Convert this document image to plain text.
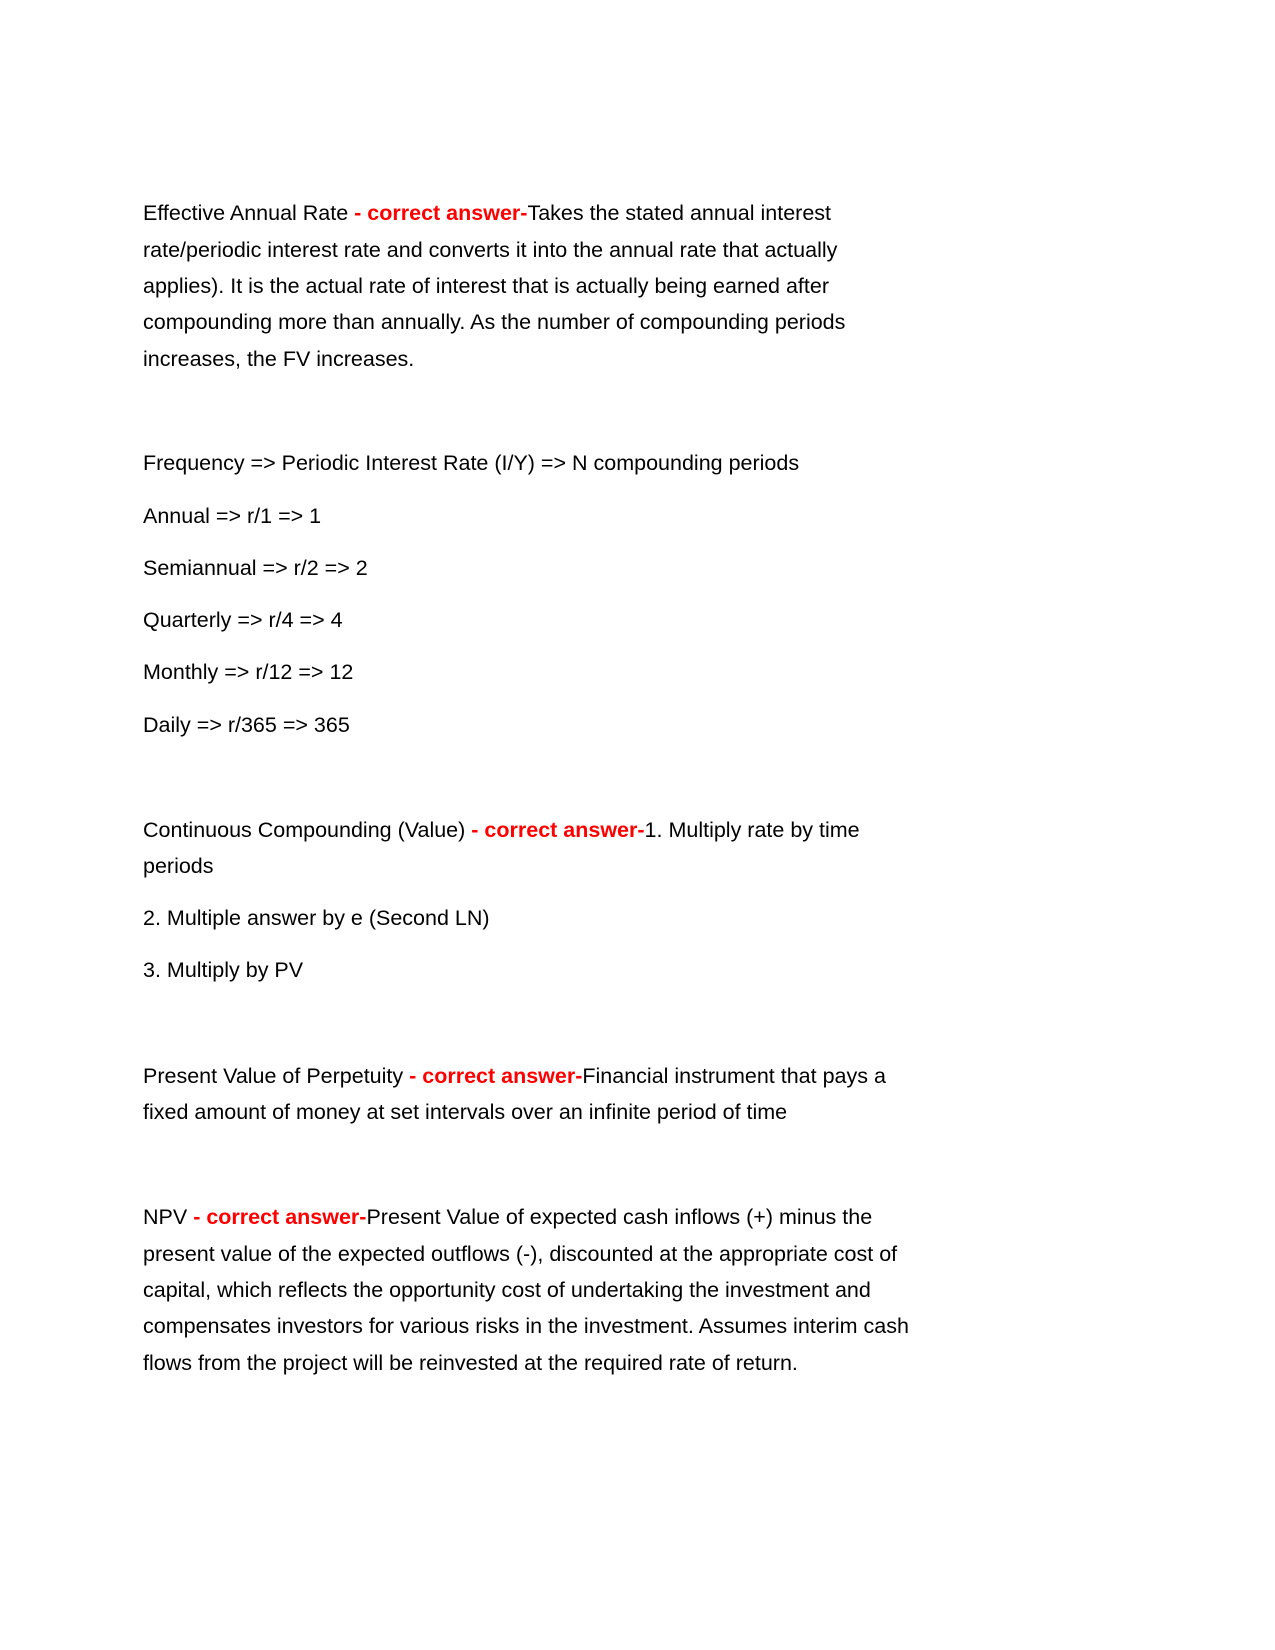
Effective Annual Rate - correct answer-Takes the stated annual interest
rate/periodic interest rate and converts it into the annual rate that actually
applies). It is the actual rate of interest that is actually being earned after
compounding more than annually. As the number of compounding periods
increases, the FV increases.
Frequency => Periodic Interest Rate (I/Y) => N compounding periods
Annual => r/1 => 1
Semiannual => r/2 => 2
Quarterly => r/4 => 4
Monthly => r/12 => 12
Daily => r/365 => 365
Continuous Compounding (Value) - correct answer-1. Multiply rate by time
periods
2. Multiple answer by e (Second LN)
3. Multiply by PV
Present Value of Perpetuity - correct answer-Financial instrument that pays a
fixed amount of money at set intervals over an infinite period of time
NPV - correct answer-Present Value of expected cash inflows (+) minus the
present value of the expected outflows (-), discounted at the appropriate cost of
capital, which reflects the opportunity cost of undertaking the investment and
compensates investors for various risks in the investment. Assumes interim cash
flows from the project will be reinvested at the required rate of return.
